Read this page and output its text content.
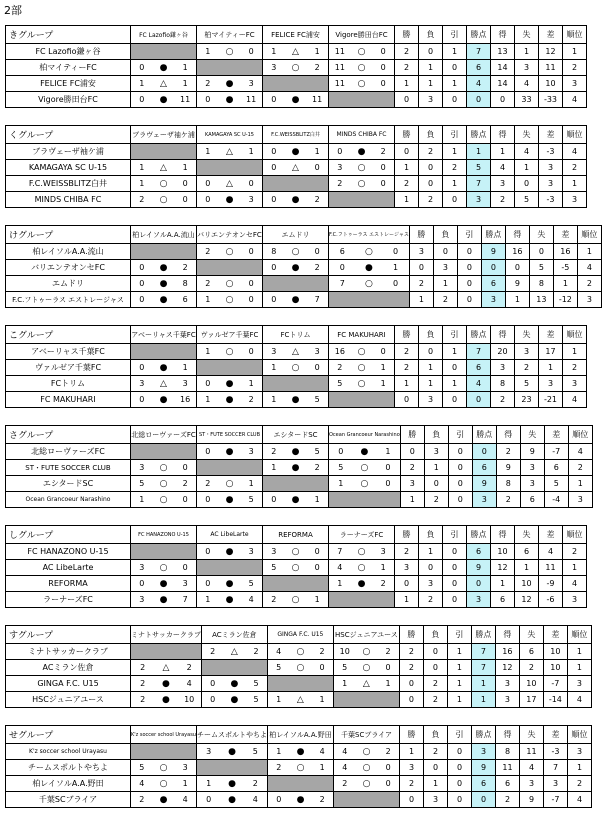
2部
きグループ	FC Lazofio鎌ヶ谷	柏マイティーFC	FELICE FC浦安	Vigore勝田台FC	勝	負	引	勝点	得	失	差	順位
FC Lazofio鎌ヶ谷		1 ○ 0	1 △ 1	11 ○ 0	2	0	1	7	13	1	12	1
柏マイティーFC	0 ● 1		3 ○ 2	11 ○ 0	2	1	0	6	14	3	11	2
FELICE FC浦安	1 △ 1	2 ● 3		11 ○ 0	1	1	1	4	14	4	10	3
Vigore勝田台FC	0 ● 11	0 ● 11	0 ● 11		0	3	0	0	0	33	-33	4
くグループ	ブラヴェーザ袖ケ浦	KAMAGAYA SC U-15	F.C.WEISSBLITZ白井	MINDS CHIBA FC	勝	負	引	勝点	得	失	差	順位
ブラヴェーザ袖ケ浦		1 △ 1	0 ● 1	0 ● 2	0	2	1	1	1	4	-3	4
KAMAGAYA SC U-15	1 △ 1		0 △ 0	3 ○ 0	1	0	2	5	4	1	3	2
F.C.WEISSBLITZ白井	1 ○ 0	0 △ 0		2 ○ 0	2	0	1	7	3	0	3	1
MINDS CHIBA FC	2 ○ 0	0 ● 3	0 ● 2		1	2	0	3	2	5	-3	3
けグループ	柏レイソルA.A.流山	バリエンテオンセFC	エムドリ	F.C.フトゥーラス エストレージャス	勝	負	引	勝点	得	失	差	順位
柏レイソルA.A.流山		2 ○ 0	8 ○ 0	6 ○ 0	3	0	0	9	16	0	16	1
バリエンテオンセFC	0 ● 2		0 ● 2	0 ● 1	0	3	0	0	0	5	-5	4
エムドリ	0 ● 8	2 ○ 0		7 ○ 0	2	1	0	6	9	8	1	2
F.C.フトゥーラス エストレージャス	0 ● 6	1 ○ 0	0 ● 7		1	2	0	3	1	13	-12	3
こグループ	アベーリャス千葉FC	ヴァルゼア千葉FC	FCトリム	FC MAKUHARI	勝	負	引	勝点	得	失	差	順位
アベーリャス千葉FC		1 ○ 0	3 △ 3	16 ○ 0	2	0	1	7	20	3	17	1
ヴァルゼア千葉FC	0 ● 1		1 ○ 0	2 ○ 1	2	1	0	6	3	2	1	2
FCトリム	3 △ 3	0 ● 1		5 ○ 1	1	1	1	4	8	5	3	3
FC MAKUHARI	0 ● 16	1 ● 2	1 ● 5		0	3	0	0	2	23	-21	4
さグループ	北総ローヴァーズFC	ST・FUTE SOCCER CLUB	エシタードSC	Ocean Grancoeur Narashino	勝	負	引	勝点	得	失	差	順位
北総ローヴァーズFC		0 ● 3	2 ● 5	0 ● 1	0	3	0	0	2	9	-7	4
ST・FUTE SOCCER CLUB	3 ○ 0		1 ● 2	5 ○ 0	2	1	0	6	9	3	6	2
エシタードSC	5 ○ 2	2 ○ 1		1 ○ 0	3	0	0	9	8	3	5	1
Ocean Grancoeur Narashino	1 ○ 0	0 ● 5	0 ● 1		1	2	0	3	2	6	-4	3
しグループ	FC HANAZONO U-15	AC LibeLarte	REFORMA	ラーナーズFC	勝	負	引	勝点	得	失	差	順位
FC HANAZONO U-15		0 ● 3	3 ○ 0	7 ○ 3	2	1	0	6	10	6	4	2
AC LibeLarte	3 ○ 0		5 ○ 0	4 ○ 1	3	0	0	9	12	1	11	1
REFORMA	0 ● 3	0 ● 5		1 ● 2	0	3	0	0	1	10	-9	4
ラーナーズFC	3 ● 7	1 ● 4	2 ○ 1		1	2	0	3	6	12	-6	3
すグループ	ミナトサッカークラブ	ACミラン佐倉	GINGA F.C. U15	HSCジュニアユース	勝	負	引	勝点	得	失	差	順位
ミナトサッカークラブ		2 △ 2	4 ○ 2	10 ○ 2	2	0	1	7	16	6	10	1
ACミラン佐倉	2 △ 2		5 ○ 0	5 ○ 0	2	0	1	7	12	2	10	1
GINGA F.C. U15	2 ● 4	0 ● 5		1 △ 1	0	2	1	1	3	10	-7	3
HSCジュニアユース	2 ● 10	0 ● 5	1 △ 1		0	2	1	1	3	17	-14	4
せグループ	K'z soccer school Urayasu	チームスポルトやちよ	柏レイソルA.A.野田	千葉SCブライア	勝	負	引	勝点	得	失	差	順位
K'z soccer school Urayasu		3 ● 5	1 ● 4	4 ○ 2	1	2	0	3	8	11	-3	3
チームスポルトやちよ	5 ○ 3		2 ○ 1	4 ○ 0	3	0	0	9	11	4	7	1
柏レイソルA.A.野田	4 ○ 1	1 ● 2		2 ○ 0	2	1	0	6	6	3	3	2
千葉SCブライア	2 ● 4	0 ● 4	0 ● 2		0	3	0	0	2	9	-7	4
